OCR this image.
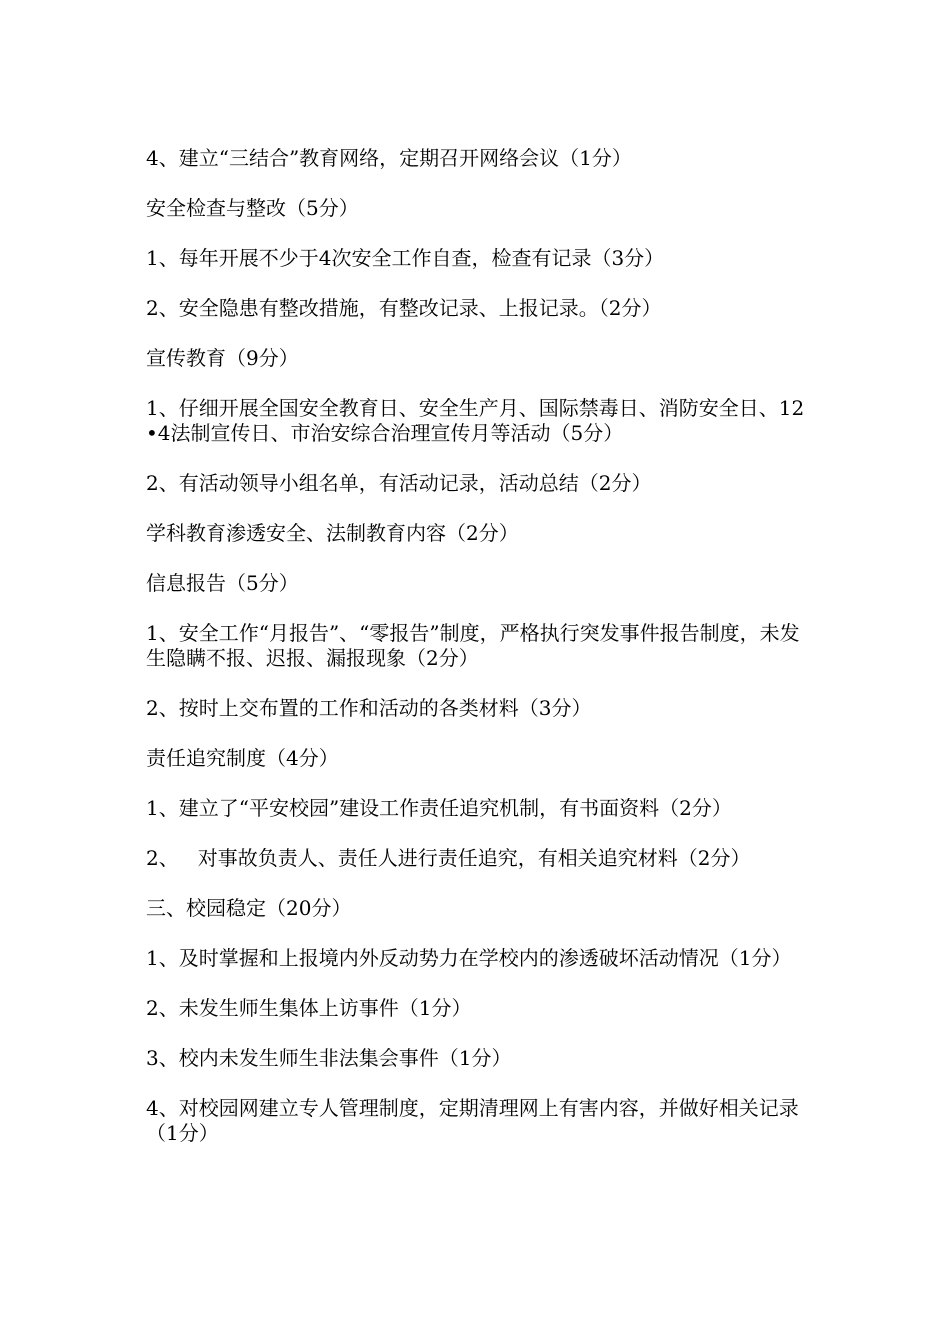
4、建立“三结合”教育网络，定期召开网络会议（1分）

安全检查与整改（5分）

1、每年开展不少于4次安全工作自查，检查有记录（3分）

2、安全隐患有整改措施，有整改记录、上报记录。（2分）

宣传教育（9分）

1、仔细开展全国安全教育日、安全生产月、国际禁毒日、消防安全日、12•4法制宣传日、市治安综合治理宣传月等活动（5分）

2、有活动领导小组名单，有活动记录，活动总结（2分）

学科教育渗透安全、法制教育内容（2分）

信息报告（5分）

1、安全工作“月报告”、“零报告”制度，严格执行突发事件报告制度，未发生隐瞒不报、迟报、漏报现象（2分）

2、按时上交布置的工作和活动的各类材料（3分）

责任追究制度（4分）

1、建立了“平安校园”建设工作责任追究机制，有书面资料（2分）

2、   对事故负责人、责任人进行责任追究，有相关追究材料（2分）

三、校园稳定（20分）

1、及时掌握和上报境内外反动势力在学校内的渗透破坏活动情况（1分）

2、未发生师生集体上访事件（1分）

3、校内未发生师生非法集会事件（1分）

4、对校园网建立专人管理制度，定期清理网上有害内容，并做好相关记录（1分）
